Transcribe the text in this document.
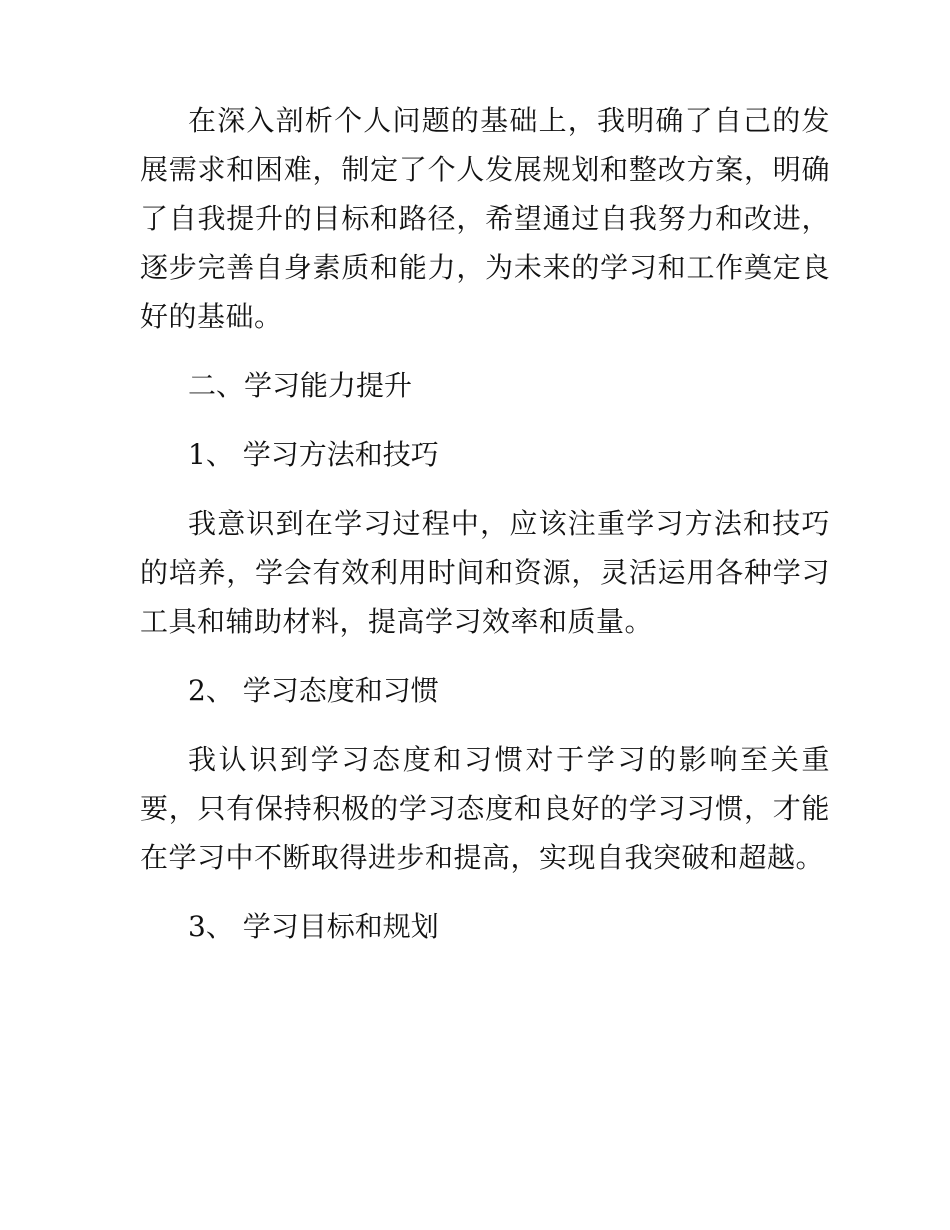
在深入剖析个人问题的基础上，我明确了自己的发展需求和困难，制定了个人发展规划和整改方案，明确了自我提升的目标和路径，希望通过自我努力和改进，逐步完善自身素质和能力，为未来的学习和工作奠定良好的基础。

二、学习能力提升

1、 学习方法和技巧

我意识到在学习过程中，应该注重学习方法和技巧的培养，学会有效利用时间和资源，灵活运用各种学习工具和辅助材料，提高学习效率和质量。

2、 学习态度和习惯

我认识到学习态度和习惯对于学习的影响至关重要，只有保持积极的学习态度和良好的学习习惯，才能在学习中不断取得进步和提高，实现自我突破和超越。

3、 学习目标和规划
